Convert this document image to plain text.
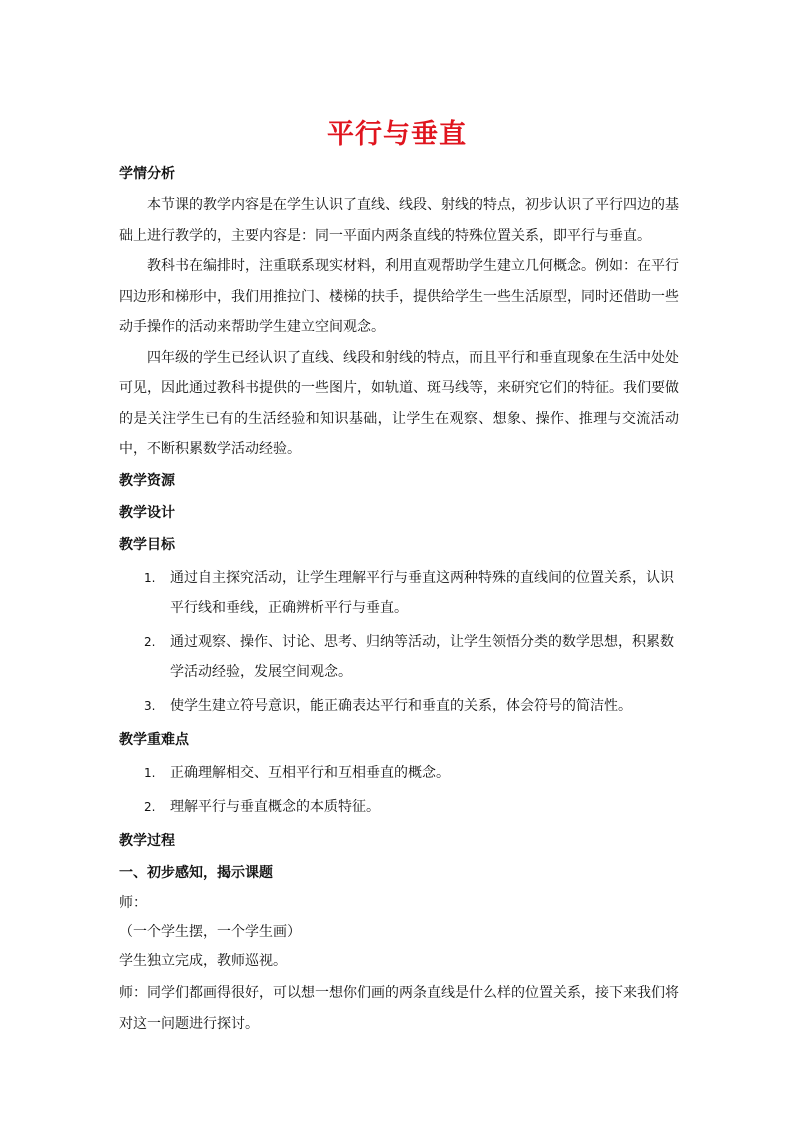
平行与垂直

学情分析

本节课的教学内容是在学生认识了直线、线段、射线的特点，初步认识了平行四边的基础上进行教学的，主要内容是：同一平面内两条直线的特殊位置关系，即平行与垂直。

教科书在编排时，注重联系现实材料，利用直观帮助学生建立几何概念。例如：在平行四边形和梯形中，我们用推拉门、楼梯的扶手，提供给学生一些生活原型，同时还借助一些动手操作的活动来帮助学生建立空间观念。

四年级的学生已经认识了直线、线段和射线的特点，而且平行和垂直现象在生活中处处可见，因此通过教科书提供的一些图片，如轨道、斑马线等，来研究它们的特征。我们要做的是关注学生已有的生活经验和知识基础，让学生在观察、想象、操作、推理与交流活动中，不断积累数学活动经验。

教学资源

教学设计

教学目标

1. 通过自主探究活动，让学生理解平行与垂直这两种特殊的直线间的位置关系，认识平行线和垂线，正确辨析平行与垂直。
2. 通过观察、操作、讨论、思考、归纳等活动，让学生领悟分类的数学思想，积累数学活动经验，发展空间观念。
3. 使学生建立符号意识，能正确表达平行和垂直的关系，体会符号的简洁性。

教学重难点

1. 正确理解相交、互相平行和互相垂直的概念。
2. 理解平行与垂直概念的本质特征。

教学过程

一、初步感知，揭示课题

师：

（一个学生摆，一个学生画）

学生独立完成，教师巡视。

师：同学们都画得很好，可以想一想你们画的两条直线是什么样的位置关系，接下来我们将对这一问题进行探讨。
